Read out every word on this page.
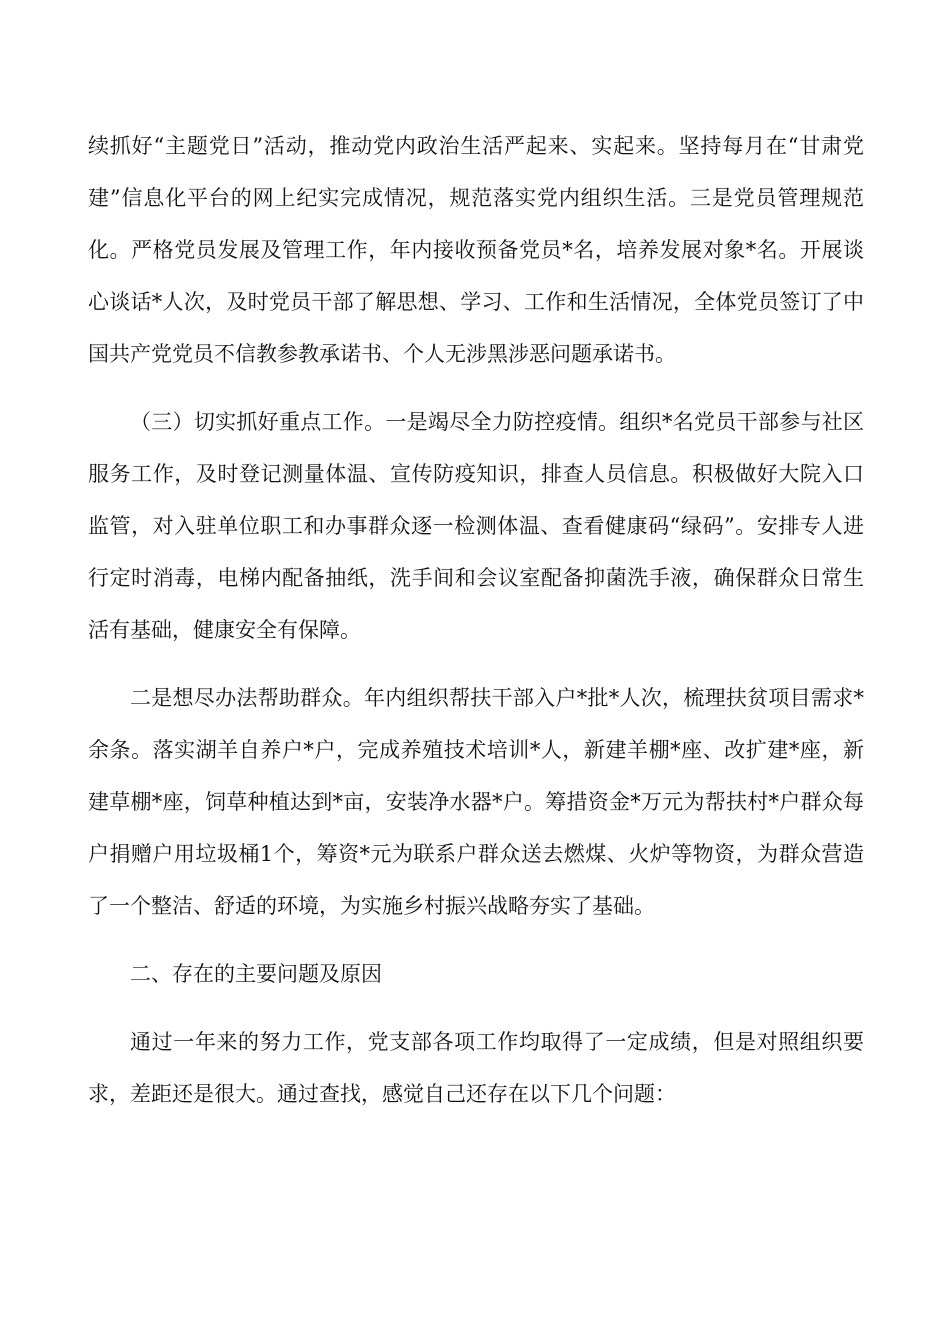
续抓好“主题党日”活动，推动党内政治生活严起来、实起来。坚持每月在“甘肃党建”信息化平台的网上纪实完成情况，规范落实党内组织生活。三是党员管理规范化。严格党员发展及管理工作，年内接收预备党员*名，培养发展对象*名。开展谈心谈话*人次，及时党员干部了解思想、学习、工作和生活情况，全体党员签订了中国共产党党员不信教参教承诺书、个人无涉黑涉恶问题承诺书。

（三）切实抓好重点工作。一是竭尽全力防控疫情。组织*名党员干部参与社区服务工作，及时登记测量体温、宣传防疫知识，排查人员信息。积极做好大院入口监管，对入驻单位职工和办事群众逐一检测体温、查看健康码“绿码”。安排专人进行定时消毒，电梯内配备抽纸，洗手间和会议室配备抑菌洗手液，确保群众日常生活有基础，健康安全有保障。

二是想尽办法帮助群众。年内组织帮扶干部入户*批*人次，梳理扶贫项目需求*余条。落实湖羊自养户*户，完成养殖技术培训*人，新建羊棚*座、改扩建*座，新建草棚*座，饲草种植达到*亩，安装净水器*户。筹措资金*万元为帮扶村*户群众每户捐赠户用垃圾桶1个，筹资*元为联系户群众送去燃煤、火炉等物资，为群众营造了一个整洁、舒适的环境，为实施乡村振兴战略夯实了基础。

二、存在的主要问题及原因

通过一年来的努力工作，党支部各项工作均取得了一定成绩，但是对照组织要求，差距还是很大。通过查找，感觉自己还存在以下几个问题：
